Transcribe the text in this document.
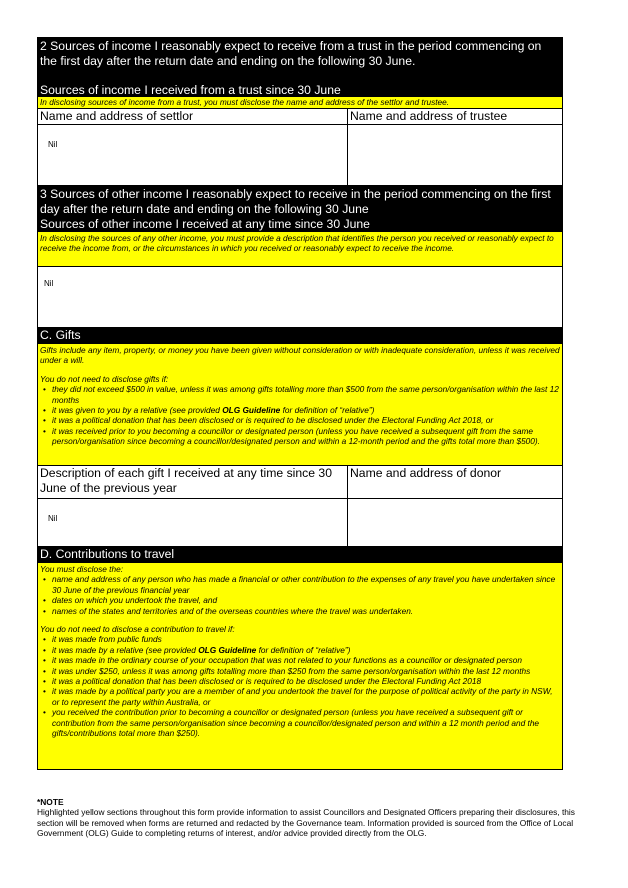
2 Sources of income I reasonably expect to receive from a trust in the period commencing on the first day after the return date and ending on the following 30 June.
Sources of income I received from a trust since 30 June
In disclosing sources of income from a trust, you must disclose the name and address of the settlor and trustee.
Name and address of settlor	Name and address of trustee
Nil
3 Sources of other income I reasonably expect to receive in the period commencing on the first day after the return date and ending on the following 30 June
Sources of other income I received at any time since 30 June
In disclosing the sources of any other income, you must provide a description that identifies the person you received or reasonably expect to receive the income from, or the circumstances in which you received or reasonably expect to receive the income.
Nil
C. Gifts
Gifts include any item, property, or money you have been given without consideration or with inadequate consideration, unless it was received under a will.
You do not need to disclose gifts if:
• they did not exceed $500 in value, unless it was among gifts totalling more than $500 from the same person/organisation within the last 12 months
• it was given to you by a relative (see provided OLG Guideline for definition of “relative”)
• it was a political donation that has been disclosed or is required to be disclosed under the Electoral Funding Act 2018, or
• it was received prior to you becoming a councillor or designated person (unless you have received a subsequent gift from the same person/organisation since becoming a councillor/designated person and within a 12-month period and the gifts total more than $500).
Description of each gift I received at any time since 30 June of the previous year
Name and address of donor
Nil
D. Contributions to travel
You must disclose the:
• name and address of any person who has made a financial or other contribution to the expenses of any travel you have undertaken since 30 June of the previous financial year
• dates on which you undertook the travel, and
• names of the states and territories and of the overseas countries where the travel was undertaken.
You do not need to disclose a contribution to travel if:
• it was made from public funds
• it was made by a relative (see provided OLG Guideline for definition of “relative”)
• it was made in the ordinary course of your occupation that was not related to your functions as a councillor or designated person
• it was under $250, unless it was among gifts totalling more than $250 from the same person/organisation within the last 12 months
• it was a political donation that has been disclosed or is required to be disclosed under the Electoral Funding Act 2018
• it was made by a political party you are a member of and you undertook the travel for the purpose of political activity of the party in NSW, or to represent the party within Australia, or
• you received the contribution prior to becoming a councillor or designated person (unless you have received a subsequent gift or contribution from the same person/organisation since becoming a councillor/designated person and within a 12 month period and the gifts/contributions total more than $250).
*NOTE
Highlighted yellow sections throughout this form provide information to assist Councillors and Designated Officers preparing their disclosures, this section will be removed when forms are returned and redacted by the Governance team. Information provided is sourced from the Office of Local Government (OLG) Guide to completing returns of interest, and/or advice provided directly from the OLG.
